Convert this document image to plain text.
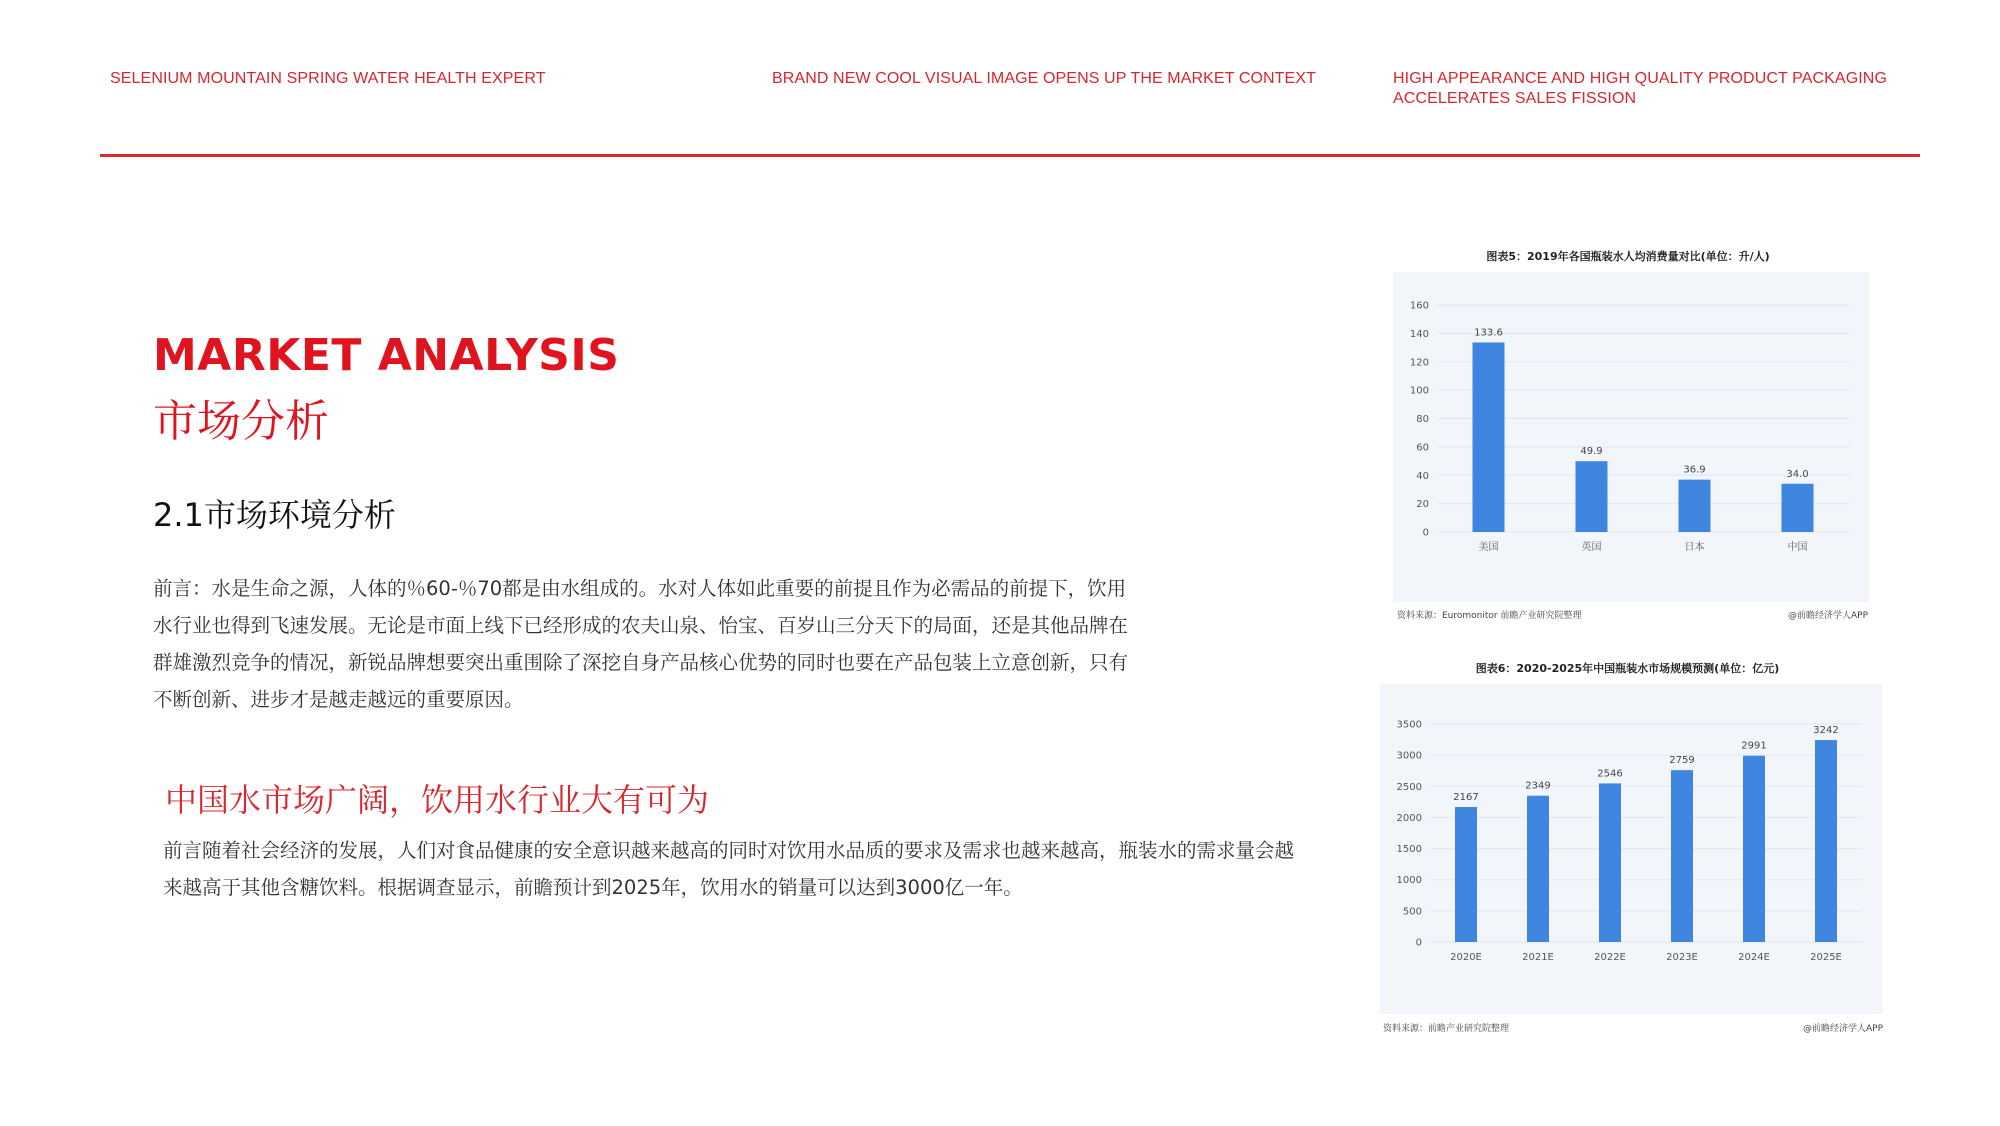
SELENIUM MOUNTAIN SPRING WATER HEALTH EXPERT	BRAND NEW COOL VISUAL IMAGE OPENS UP THE MARKET CONTEXT	HIGH APPEARANCE AND HIGH QUALITY PRODUCT PACKAGING ACCELERATES SALES FISSION
MARKET ANALYSIS
市场分析
2.1市场环境分析

前言：水是生命之源，人体的％60-％70都是由水组成的。水对人体如此重要的前提且作为必需品的前提下，饮用水行业也得到飞速发展。无论是市面上线下已经形成的农夫山泉、怡宝、百岁山三分天下的局面，还是其他品牌在群雄激烈竞争的情况，新锐品牌想要突出重围除了深挖自身产品核心优势的同时也要在产品包装上立意创新，只有不断创新、进步才是越走越远的重要原因。

中国水市场广阔，饮用水行业大有可为

前言随着社会经济的发展，人们对食品健康的安全意识越来越高的同时对饮用水品质的要求及需求也越来越高，瓶装水的需求量会越来越高于其他含糖饮料。根据调查显示，前瞻预计到2025年，饮用水的销量可以达到3000亿一年。

图表5：2019年各国瓶装水人均消费量对比(单位：升/人)
0
20
40
60
80
100
120
140
160
133.6
美国
49.9
英国
36.9
日本
34.0
中国
资料来源：Euromonitor 前瞻产业研究院整理	@前瞻经济学人APP
图表6：2020-2025年中国瓶装水市场规模预测(单位：亿元)
0
500
1000
1500
2000
2500
3000
3500
2167
2020E
2349
2021E
2546
2022E
2759
2023E
2991
2024E
3242
2025E
资料来源：前瞻产业研究院整理	@前瞻经济学人APP
